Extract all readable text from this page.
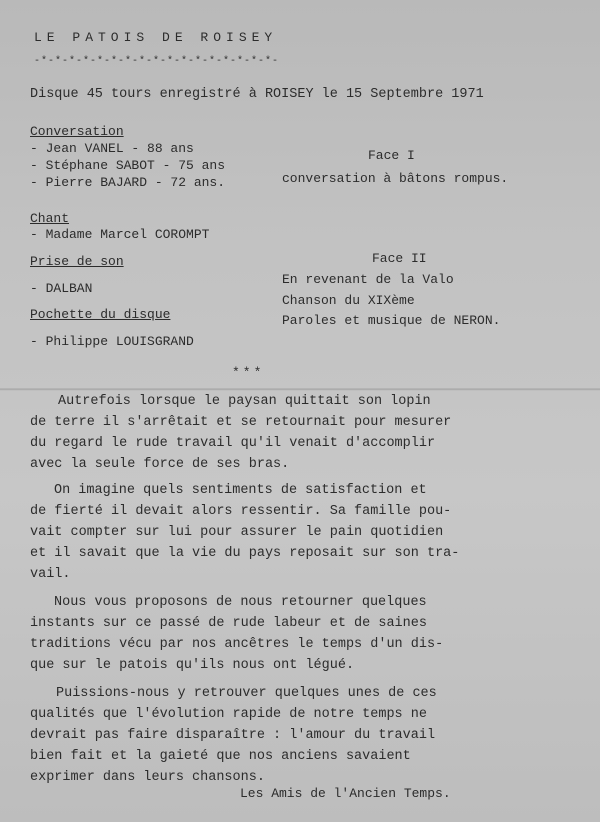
LE PATOIS DE ROISEY
-*-*-*-*-*-*-*-*-*-*-*-*-*-*-*-*-*-
Disque 45 tours enregistré à ROISEY le 15 Septembre 1971
Conversation
- Jean VANEL - 88 ans
- Stéphane SABOT - 75 ans
- Pierre BAJARD - 72 ans.
Chant
- Madame Marcel COROMPT
Prise de son
- DALBAN
Pochette du disque
- Philippe LOUISGRAND
Face I
conversation à bâtons rompus.
Face II
En revenant de la Valo
Chanson du XIXème
Paroles et musique de NERON.
***
Autrefois lorsque le paysan quittait son lopin
de terre il s'arrêtait et se retournait pour mesurer
du regard le rude travail qu'il venait d'accomplir
avec la seule force de ses bras.
On imagine quels sentiments de satisfaction et
de fierté il devait alors ressentir. Sa famille pou-
vait compter sur lui pour assurer le pain quotidien
et il savait que la vie du pays reposait sur son tra-
vail.
Nous vous proposons de nous retourner quelques
instants sur ce passé de rude labeur et de saines
traditions vécu par nos ancêtres le temps d'un dis-
que sur le patois qu'ils nous ont légué.
Puissions-nous y retrouver quelques unes de ces
qualités que l'évolution rapide de notre temps ne
devrait pas faire disparaître : l'amour du travail
bien fait et la gaieté que nos anciens savaient
exprimer dans leurs chansons.
Les Amis de l'Ancien Temps.
